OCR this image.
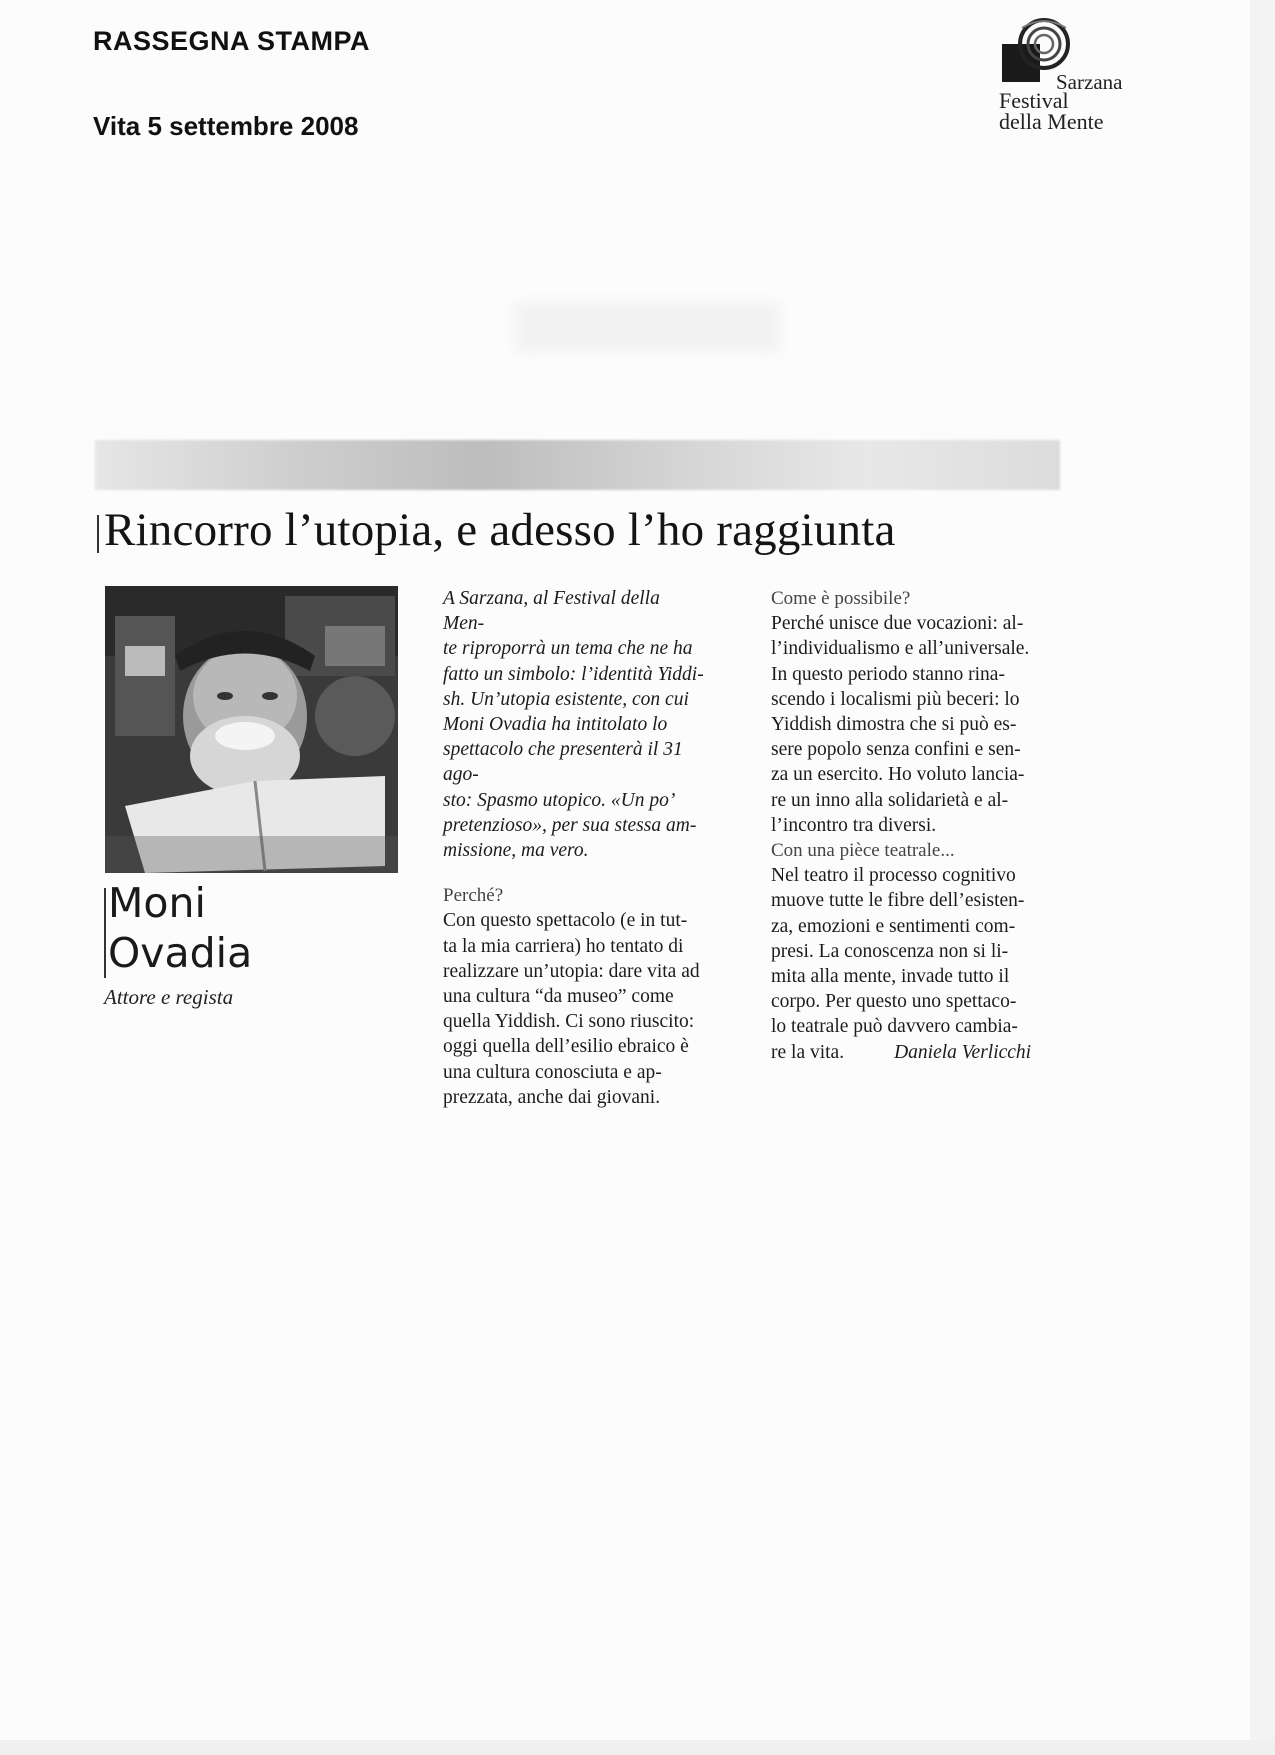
RASSEGNA STAMPA
Vita 5 settembre 2008
Sarzana
Festival
della Mente
Rincorro l’utopia, e adesso l’ho raggiunta
Moni
Ovadia
Attore e regista

A Sarzana, al Festival della Men-

te riproporrà un tema che ne ha

fatto un simbolo: l’identità Yiddi-

sh. Un’utopia esistente, con cui

Moni Ovadia ha intitolato lo

spettacolo che presenterà il 31 ago-

sto: Spasmo utopico. «Un po’

pretenzioso», per sua stessa am-

missione, ma vero.

Perché?

Con questo spettacolo (e in tut-

ta la mia carriera) ho tentato di

realizzare un’utopia: dare vita ad

una cultura “da museo” come

quella Yiddish. Ci sono riuscito:

oggi quella dell’esilio ebraico è

una cultura conosciuta e ap-

prezzata, anche dai giovani.

Come è possibile?

Perché unisce due vocazioni: al-

l’individualismo e all’universale.

In questo periodo stanno rina-

scendo i localismi più beceri: lo

Yiddish dimostra che si può es-

sere popolo senza confini e sen-

za un esercito. Ho voluto lancia-

re un inno alla solidarietà e al-

l’incontro tra diversi.

Con una pièce teatrale...

Nel teatro il processo cognitivo

muove tutte le fibre dell’esisten-

za, emozioni e sentimenti com-

presi. La conoscenza non si li-

mita alla mente, invade tutto il

corpo. Per questo uno spettaco-

lo teatrale può davvero cambia-

re la vita.	Daniela Verlicchi
